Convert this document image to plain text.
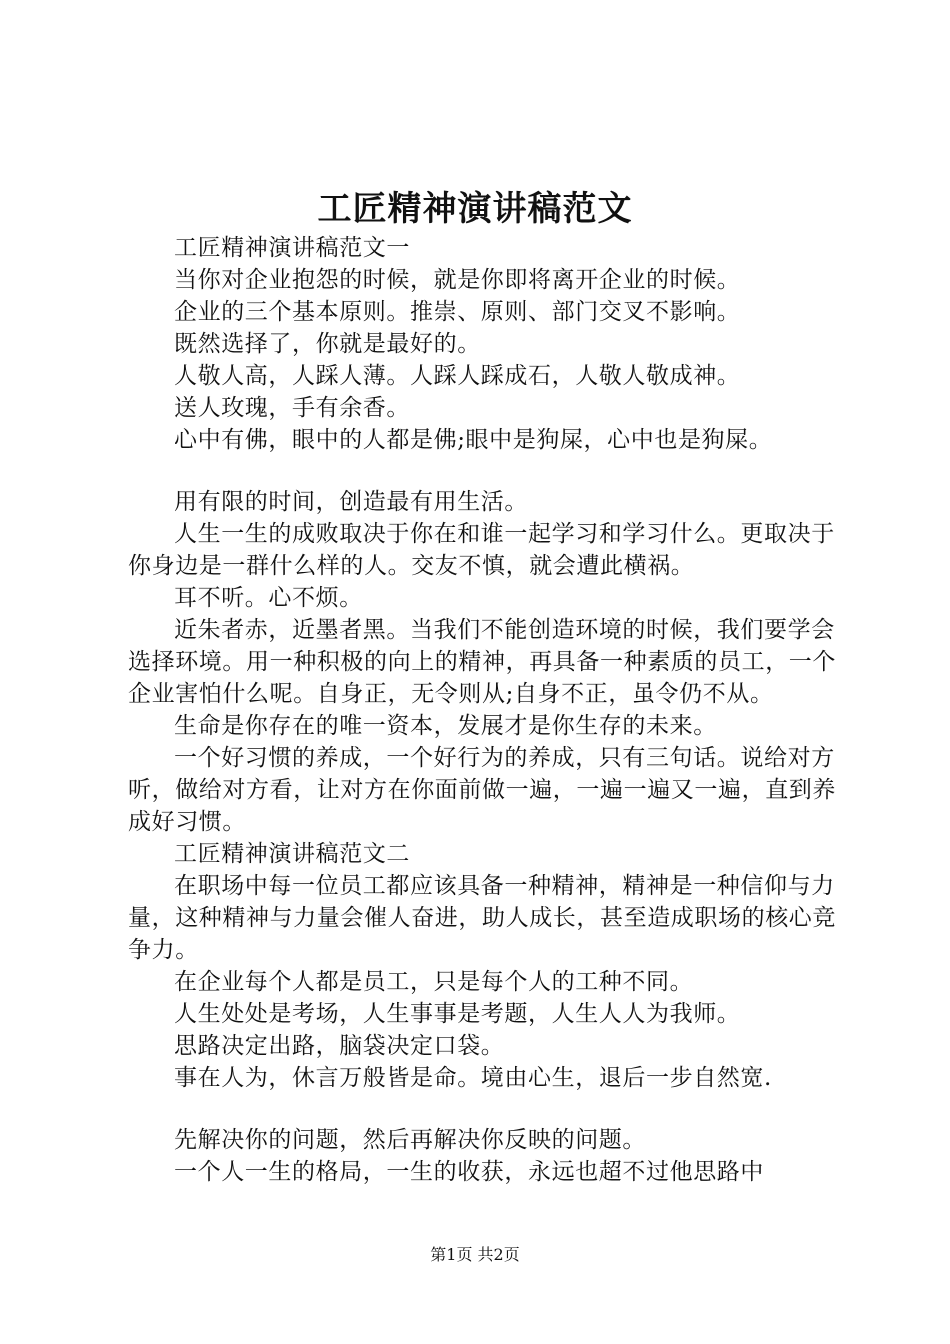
工匠精神演讲稿范文

工匠精神演讲稿范文一

当你对企业抱怨的时候，就是你即将离开企业的时候。

企业的三个基本原则。推崇、原则、部门交叉不影响。

既然选择了，你就是最好的。

人敬人高，人踩人薄。人踩人踩成石，人敬人敬成神。

送人玫瑰，手有余香。

心中有佛，眼中的人都是佛;眼中是狗屎，心中也是狗屎。

用有限的时间，创造最有用生活。

人生一生的成败取决于你在和谁一起学习和学习什么。更取决于你身边是一群什么样的人。交友不慎，就会遭此横祸。

耳不听。心不烦。

近朱者赤，近墨者黑。当我们不能创造环境的时候，我们要学会选择环境。用一种积极的向上的精神，再具备一种素质的员工，一个企业害怕什么呢。自身正，无令则从;自身不正，虽令仍不从。

生命是你存在的唯一资本，发展才是你生存的未来。

一个好习惯的养成，一个好行为的养成，只有三句话。说给对方听，做给对方看，让对方在你面前做一遍，一遍一遍又一遍，直到养成好习惯。

工匠精神演讲稿范文二

在职场中每一位员工都应该具备一种精神，精神是一种信仰与力量，这种精神与力量会催人奋进，助人成长，甚至造成职场的核心竞争力。

在企业每个人都是员工，只是每个人的工种不同。

人生处处是考场，人生事事是考题，人生人人为我师。

思路决定出路，脑袋决定口袋。

事在人为，休言万般皆是命。境由心生，退后一步自然宽.

先解决你的问题，然后再解决你反映的问题。

一个人一生的格局，一生的收获，永远也超不过他思路中

第1页 共2页
